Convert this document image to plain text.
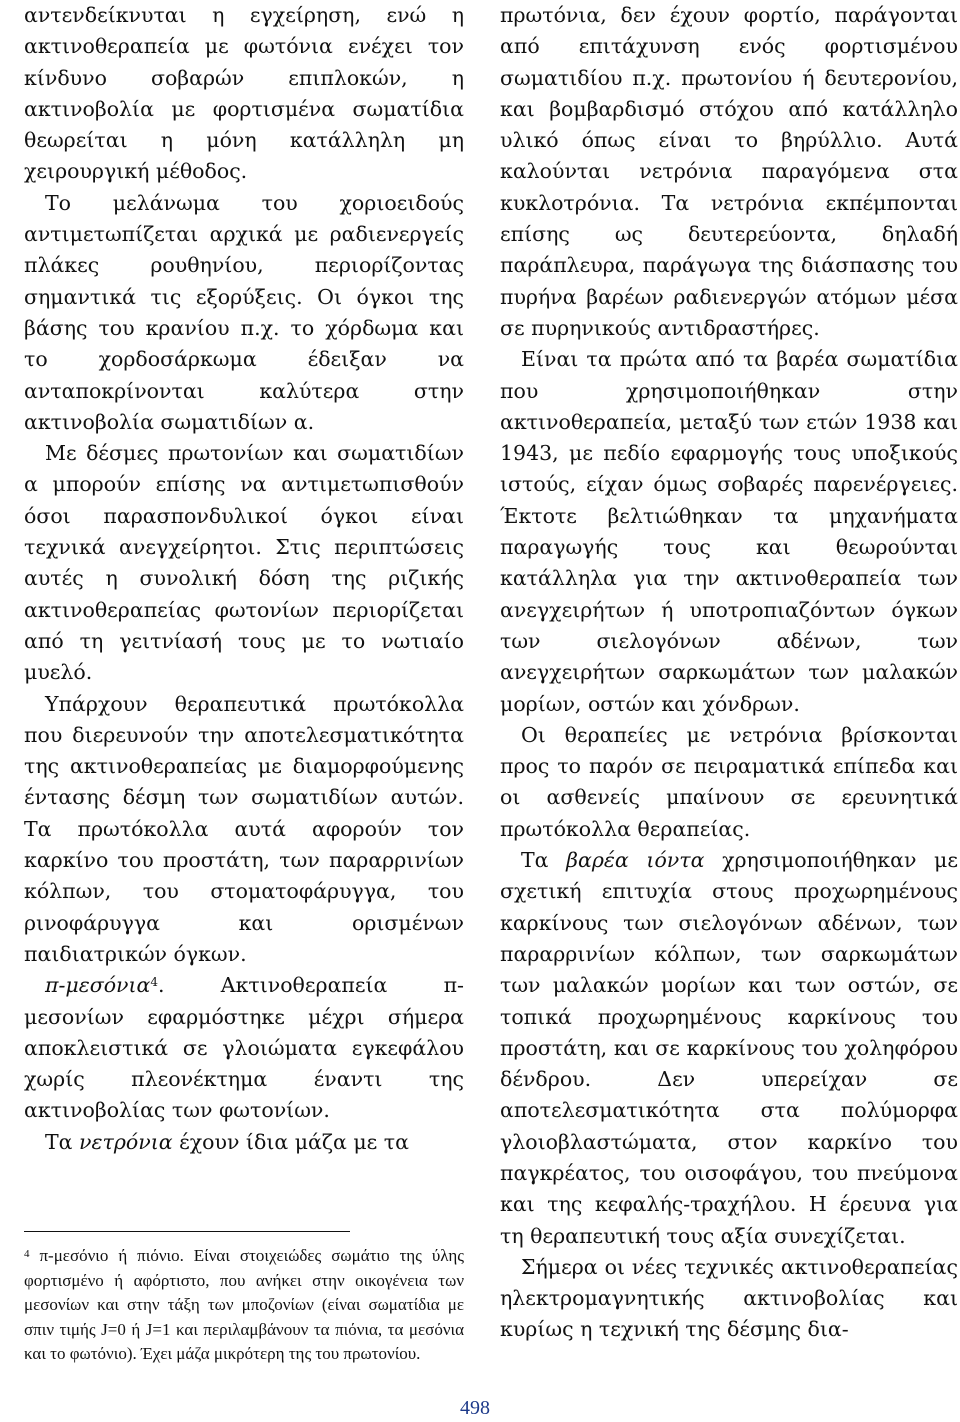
αντενδείκνυται η εγχείρηση, ενώ η ακτινοθεραπεία με φωτόνια ενέχει τον κίνδυνο σοβαρών επιπλοκών, η ακτινοβολία με φορτισμένα σωματίδια θεωρείται η μόνη κατάλληλη μη χειρουργική μέθοδος.

Το μελάνωμα του χοριοειδούς αντιμετωπίζεται αρχικά με ραδιενεργείς πλάκες ρουθηνίου, περιορίζοντας σημαντικά τις εξορύξεις. Οι όγκοι της βάσης του κρανίου π.χ. το χόρδωμα και το χορδοσάρκωμα έδειξαν να ανταποκρίνονται καλύτερα στην ακτινοβολία σωματιδίων α.

Με δέσμες πρωτονίων και σωματιδίων α μπορούν επίσης να αντιμετωπισθούν όσοι παρασπονδυλικοί όγκοι είναι τεχνικά ανεγχείρητοι. Στις περιπτώσεις αυτές η συνολική δόση της ριζικής ακτινοθεραπείας φωτονίων περιορίζεται από τη γειτνίασή τους με το νωτιαίο μυελό.

Υπάρχουν θεραπευτικά πρωτόκολλα που διερευνούν την αποτελεσματικότητα της ακτινοθεραπείας με διαμορφούμενης έντασης δέσμη των σωματιδίων αυτών. Τα πρωτόκολλα αυτά αφορούν τον καρκίνο του προστάτη, των παραρρινίων κόλπων, του στοματοφάρυγγα, του ρινοφάρυγγα και ορισμένων παιδιατρικών όγκων.

π-μεσόνια$^4$. Ακτινοθεραπεία π-μεσονίων εφαρμόστηκε μέχρι σήμερα αποκλειστικά σε γλοιώματα εγκεφάλου χωρίς πλεονέκτημα έναντι της ακτινοβολίας των φωτονίων.

Τα νετρόνια έχουν ίδια μάζα με τα

πρωτόνια, δεν έχουν φορτίο, παράγονται από επιτάχυνση ενός φορτισμένου σωματιδίου π.χ. πρωτονίου ή δευτερονίου, και βομβαρδισμό στόχου από κατάλληλο υλικό όπως είναι το βηρύλλιο. Αυτά καλούνται νετρόνια παραγόμενα στα κυκλοτρόνια. Τα νετρόνια εκπέμπονται επίσης ως δευτερεύοντα, δηλαδή παράπλευρα, παράγωγα της διάσπασης του πυρήνα βαρέων ραδιενεργών ατόμων μέσα σε πυρηνικούς αντιδραστήρες.

Είναι τα πρώτα από τα βαρέα σωματίδια που χρησιμοποιήθηκαν στην ακτινοθεραπεία, μεταξύ των ετών 1938 και 1943, με πεδίο εφαρμογής τους υποξικούς ιστούς, είχαν όμως σοβαρές παρενέργειες. Έκτοτε βελτιώθηκαν τα μηχανήματα παραγωγής τους και θεωρούνται κατάλληλα για την ακτινοθεραπεία των ανεγχειρήτων ή υποτροπιαζόντων όγκων των σιελογόνων αδένων, των ανεγχειρήτων σαρκωμάτων των μαλακών μορίων, οστών και χόνδρων.

Οι θεραπείες με νετρόνια βρίσκονται προς το παρόν σε πειραματικά επίπεδα και οι ασθενείς μπαίνουν σε ερευνητικά πρωτόκολλα θεραπείας.

Τα βαρέα ιόντα χρησιμοποιήθηκαν με σχετική επιτυχία στους προχωρημένους καρκίνους των σιελογόνων αδένων, των παραρρινίων κόλπων, των σαρκωμάτων των μαλακών μορίων και των οστών, σε τοπικά προχωρημένους καρκίνους του προστάτη, και σε καρκίνους του χοληφόρου δένδρου. Δεν υπερείχαν σε αποτελεσματικότητα στα πολύμορφα γλοιοβλαστώματα, στον καρκίνο του παγκρέατος, του οισοφάγου, του πνεύμονα και της κεφαλής-τραχήλου. Η έρευνα για τη θεραπευτική τους αξία συνεχίζεται.

Σήμερα οι νέες τεχνικές ακτινοθεραπείας ηλεκτρομαγνητικής ακτινοβολίας και κυρίως η τεχνική της δέσμης δια-

$^4$ π-μεσόνιο ή πιόνιο. Είναι στοιχειώδες σωμάτιο της ύλης φορτισμένο ή αφόρτιστο, που ανήκει στην οικογένεια των μεσονίων και στην τάξη των μποζονίων (είναι σωματίδια με σπιν τιμής J=0 ή J=1 και περιλαμβάνουν τα πιόνια, τα μεσόνια και το φωτόνιο). Έχει μάζα μικρότερη της του πρωτονίου.
498
